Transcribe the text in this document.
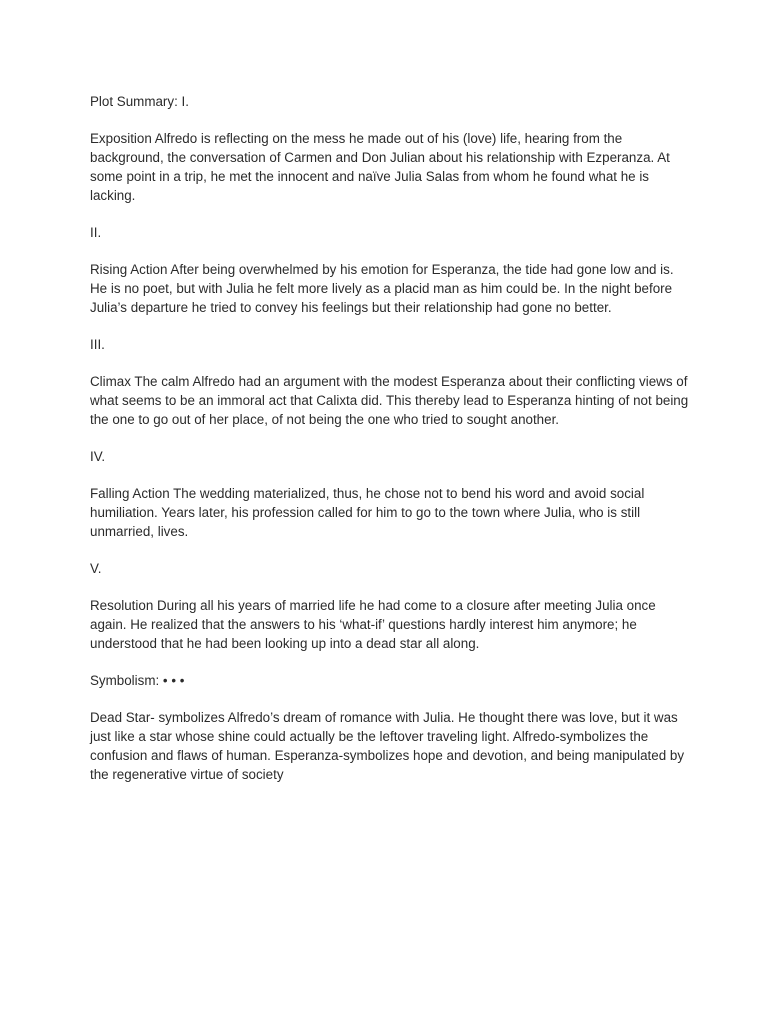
Plot Summary: I.

Exposition Alfredo is reflecting on the mess he made out of his (love) life, hearing from the background, the conversation of Carmen and Don Julian about his relationship with Ezperanza. At some point in a trip, he met the innocent and naïve Julia Salas from whom he found what he is lacking.

II.

Rising Action After being overwhelmed by his emotion for Esperanza, the tide had gone low and is. He is no poet, but with Julia he felt more lively as a placid man as him could be. In the night before Julia’s departure he tried to convey his feelings but their relationship had gone no better.

III.

Climax The calm Alfredo had an argument with the modest Esperanza about their conflicting views of what seems to be an immoral act that Calixta did. This thereby lead to Esperanza hinting of not being the one to go out of her place, of not being the one who tried to sought another.

IV.

Falling Action The wedding materialized, thus, he chose not to bend his word and avoid social humiliation. Years later, his profession called for him to go to the town where Julia, who is still unmarried, lives.

V.

Resolution During all his years of married life he had come to a closure after meeting Julia once again. He realized that the answers to his ‘what-if’ questions hardly interest him anymore; he understood that he had been looking up into a dead star all along.

Symbolism: • • •

Dead Star- symbolizes Alfredo’s dream of romance with Julia. He thought there was love, but it was just like a star whose shine could actually be the leftover traveling light. Alfredo-symbolizes the confusion and flaws of human. Esperanza-symbolizes hope and devotion, and being manipulated by the regenerative virtue of society
